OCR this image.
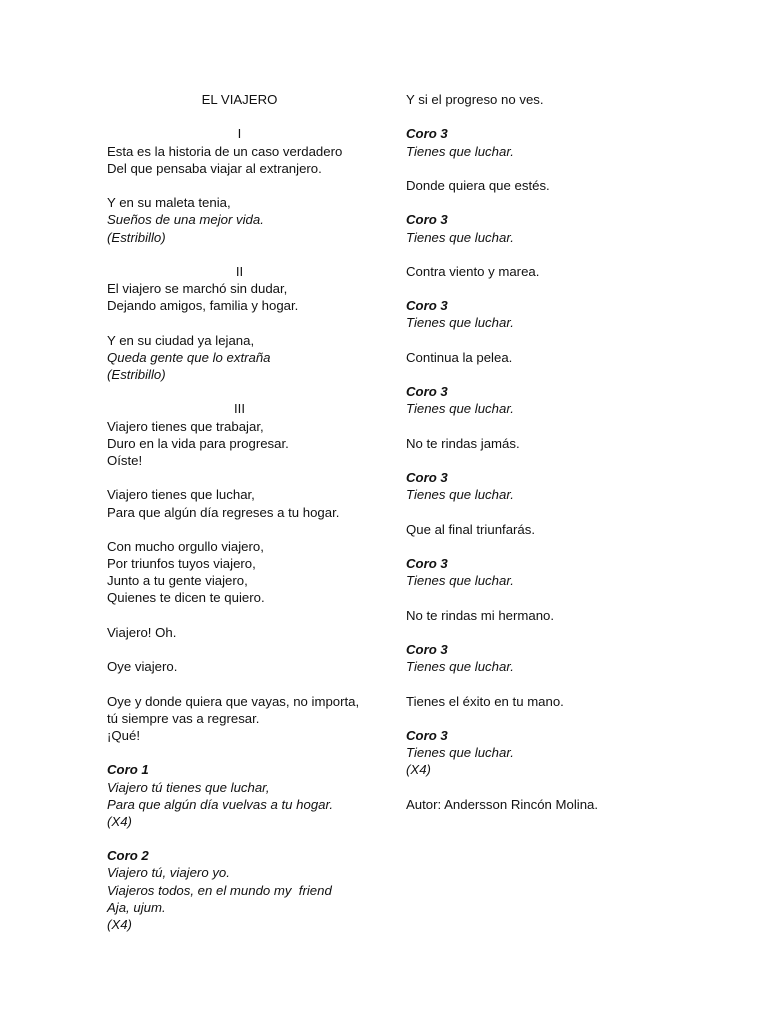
EL VIAJERO
I
Esta es la historia de un caso verdadero
Del que pensaba viajar al extranjero.
Y en su maleta tenia,
Sueños de una mejor vida.
(Estribillo)
II
El viajero se marchó sin dudar,
Dejando amigos, familia y hogar.
Y en su ciudad ya lejana,
Queda gente que lo extraña
(Estribillo)
III
Viajero tienes que trabajar,
Duro en la vida para progresar.
Oíste!
Viajero tienes que luchar,
Para que algún día regreses a tu hogar.
Con mucho orgullo viajero,
Por triunfos tuyos viajero,
Junto a tu gente viajero,
Quienes te dicen te quiero.
Viajero! Oh.
Oye viajero.
Oye y donde quiera que vayas, no importa,
tú siempre vas a regresar.
¡Qué!
Coro 1
Viajero tú tienes que luchar,
Para que algún día vuelvas a tu hogar.
(X4)
Coro 2
Viajero tú, viajero yo.
Viajeros todos, en el mundo my  friend
Aja, ujum.
(X4)
Y si el progreso no ves.
Coro 3
Tienes que luchar.
Donde quiera que estés.
Coro 3
Tienes que luchar.
Contra viento y marea.
Coro 3
Tienes que luchar.
Continua la pelea.
Coro 3
Tienes que luchar.
No te rindas jamás.
Coro 3
Tienes que luchar.
Que al final triunfarás.
Coro 3
Tienes que luchar.
No te rindas mi hermano.
Coro 3
Tienes que luchar.
Tienes el éxito en tu mano.
Coro 3
Tienes que luchar.
(X4)
Autor: Andersson Rincón Molina.
